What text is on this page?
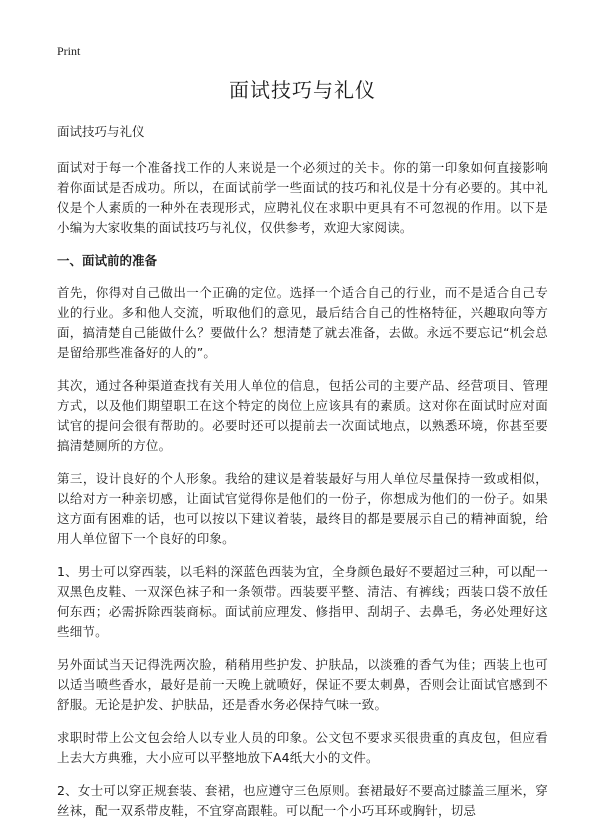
Print
面试技巧与礼仪
面试技巧与礼仪

面试对于每一个准备找工作的人来说是一个必须过的关卡。你的第一印象如何直接影响着你面试是否成功。所以，在面试前学一些面试的技巧和礼仪是十分有必要的。其中礼仪是个人素质的一种外在表现形式，应聘礼仪在求职中更具有不可忽视的作用。以下是小编为大家收集的面试技巧与礼仪，仅供参考，欢迎大家阅读。

一、面试前的准备

首先，你得对自己做出一个正确的定位。选择一个适合自己的行业，而不是适合自己专业的行业。多和他人交流，听取他们的意见，最后结合自己的性格特征，兴趣取向等方面，搞清楚自己能做什么？要做什么？想清楚了就去准备，去做。永远不要忘记“机会总是留给那些准备好的人的”。

其次，通过各种渠道查找有关用人单位的信息，包括公司的主要产品、经营项目、管理方式，以及他们期望职工在这个特定的岗位上应该具有的素质。这对你在面试时应对面试官的提问会很有帮助的。必要时还可以提前去一次面试地点，以熟悉环境，你甚至要搞清楚厕所的方位。

第三，设计良好的个人形象。我给的建议是着装最好与用人单位尽量保持一致或相似，以给对方一种亲切感，让面试官觉得你是他们的一份子，你想成为他们的一份子。如果这方面有困难的话，也可以按以下建议着装，最终目的都是要展示自己的精神面貌，给用人单位留下一个良好的印象。

1、男士可以穿西装，以毛料的深蓝色西装为宜，全身颜色最好不要超过三种，可以配一双黑色皮鞋、一双深色袜子和一条领带。西装要平整、清洁、有裤线；西装口袋不放任何东西；必需拆除西装商标。面试前应理发、修指甲、刮胡子、去鼻毛，务必处理好这些细节。

另外面试当天记得洗两次脸，稍稍用些护发、护肤品，以淡雅的香气为佳；西装上也可以适当喷些香水，最好是前一天晚上就喷好，保证不要太刺鼻，否则会让面试官感到不舒服。无论是护发、护肤品，还是香水务必保持气味一致。

求职时带上公文包会给人以专业人员的印象。公文包不要求买很贵重的真皮包，但应看上去大方典雅，大小应可以平整地放下A4纸大小的文件。

2、女士可以穿正规套装、套裙，也应遵守三色原则。套裙最好不要高过膝盖三厘米，穿丝袜，配一双系带皮鞋，不宜穿高跟鞋。可以配一个小巧耳环或胸针，切忌
